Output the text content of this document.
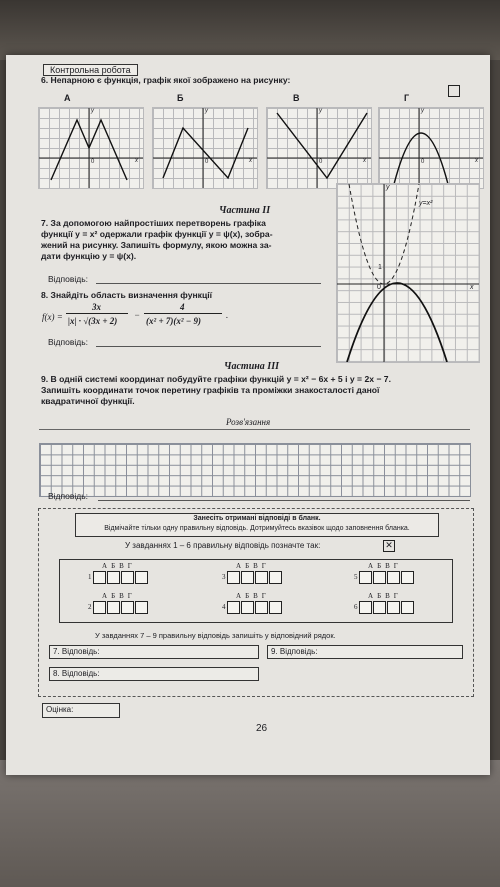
Контрольна робота
6. Непарною є функція, графік якої зображено на рисунку:
А	Б	В	Г
y
x
0
y
x
0
y
x
0
y
x
0
Частина ІІ
7. За допомогою найпростіших перетворень графіка
функції y = x² одержали графік функції y = ψ(x), зобра-
жений на рисунку. Запишіть формулу, якою можна за-
дати функцію y = ψ(x).
Відповідь:
y
x
0
1
y=x²
8. Знайдіть область визначення функції
f(x) =
3x
|x| · √(3x + 2)
−
4
(x² + 7)(x² − 9)
.
Відповідь:
Частина ІІІ
9. В одній системі координат побудуйте графіки функцій y = x² − 6x + 5 і y = 2x − 7.
Запишіть координати точок перетину графіків та проміжки знакосталості даної
квадратичної функції.
Розв'язання
Відповідь:
Занесіть отримані відповіді в бланк.
Відмічайте тільки одну правильну відповідь. Дотримуйтесь вказівок щодо заповнення бланка.
У завданнях 1 – 6 правильну відповідь позначте так:	✕
А Б В Г
1
А Б В Г
2
А Б В Г
3
А Б В Г
4
А Б В Г
5
А Б В Г
6
У завданнях 7 – 9 правильну відповідь запишіть у відповідний рядок.
7. Відповідь:	9. Відповідь:
8. Відповідь:
Оцінка:
26
